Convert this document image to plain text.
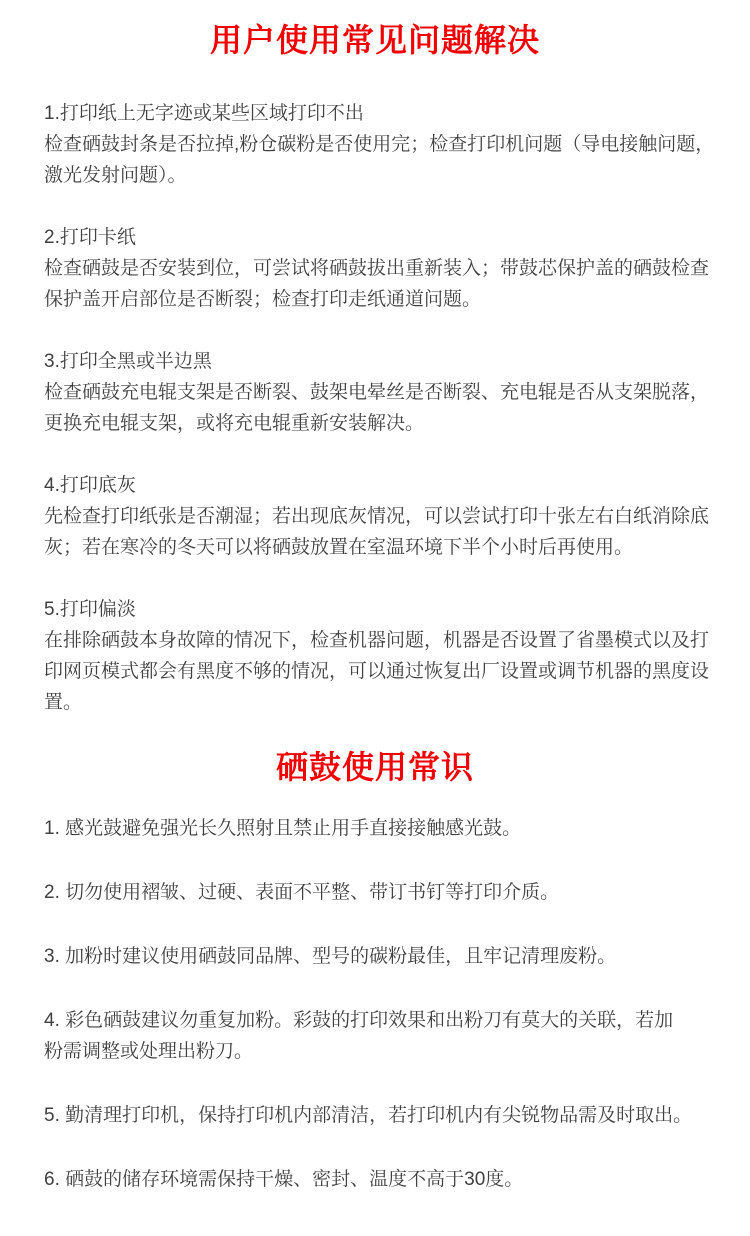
用户使用常见问题解决
1.打印纸上无字迹或某些区域打印不出
检查硒鼓封条是否拉掉,粉仓碳粉是否使用完；检查打印机问题（导电接触问题，
激光发射问题）。
2.打印卡纸
检查硒鼓是否安装到位，可尝试将硒鼓拔出重新装入；带鼓芯保护盖的硒鼓检查
保护盖开启部位是否断裂；检查打印走纸通道问题。
3.打印全黑或半边黑
检查硒鼓充电辊支架是否断裂、鼓架电晕丝是否断裂、充电辊是否从支架脱落，
更换充电辊支架，或将充电辊重新安装解决。
4.打印底灰
先检查打印纸张是否潮湿；若出现底灰情况，可以尝试打印十张左右白纸消除底
灰；若在寒冷的冬天可以将硒鼓放置在室温环境下半个小时后再使用。
5.打印偏淡
在排除硒鼓本身故障的情况下，检查机器问题，机器是否设置了省墨模式以及打
印网页模式都会有黑度不够的情况，可以通过恢复出厂设置或调节机器的黑度设
置。
硒鼓使用常识
1. 感光鼓避免强光长久照射且禁止用手直接接触感光鼓。
2. 切勿使用褶皱、过硬、表面不平整、带订书钉等打印介质。
3. 加粉时建议使用硒鼓同品牌、型号的碳粉最佳，且牢记清理废粉。
4. 彩色硒鼓建议勿重复加粉。彩鼓的打印效果和出粉刀有莫大的关联，若加
粉需调整或处理出粉刀。
5. 勤清理打印机，保持打印机内部清洁，若打印机内有尖锐物品需及时取出。
6. 硒鼓的储存环境需保持干燥、密封、温度不高于30度。
